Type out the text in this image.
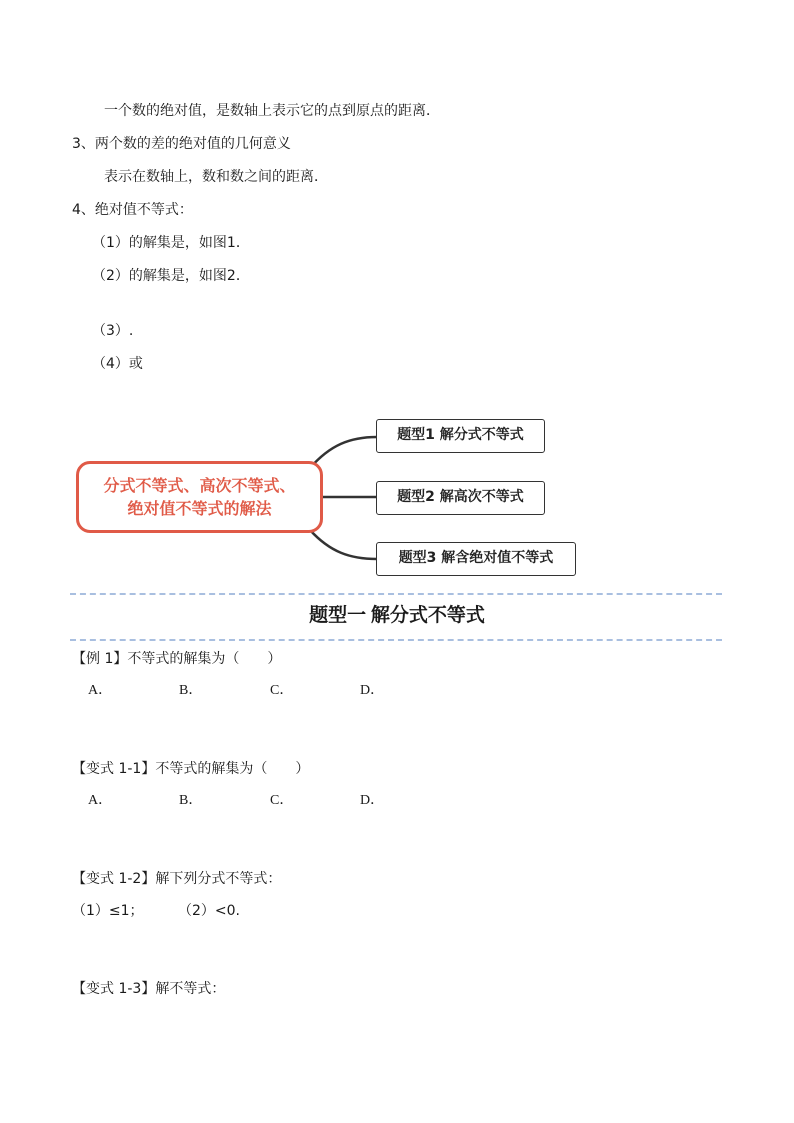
一个数的绝对值，是数轴上表示它的点到原点的距离．
3、两个数的差的绝对值的几何意义
表示在数轴上，数和数之间的距离．
4、绝对值不等式：
（1）的解集是，如图1．
（2）的解集是，如图2．
（3）.
（4）或
分式不等式、高次不等式、
绝对值不等式的解法
题型1 解分式不等式
题型2 解高次不等式
题型3 解含绝对值不等式
题型一 解分式不等式
【例 1】不等式的解集为（　　）
A．	B．	C．	D．
【变式 1-1】不等式的解集为（　　）
A．	B．	C．	D．
【变式 1-2】解下列分式不等式：
（1）≤1； （2）<0.
【变式 1-3】解不等式：
